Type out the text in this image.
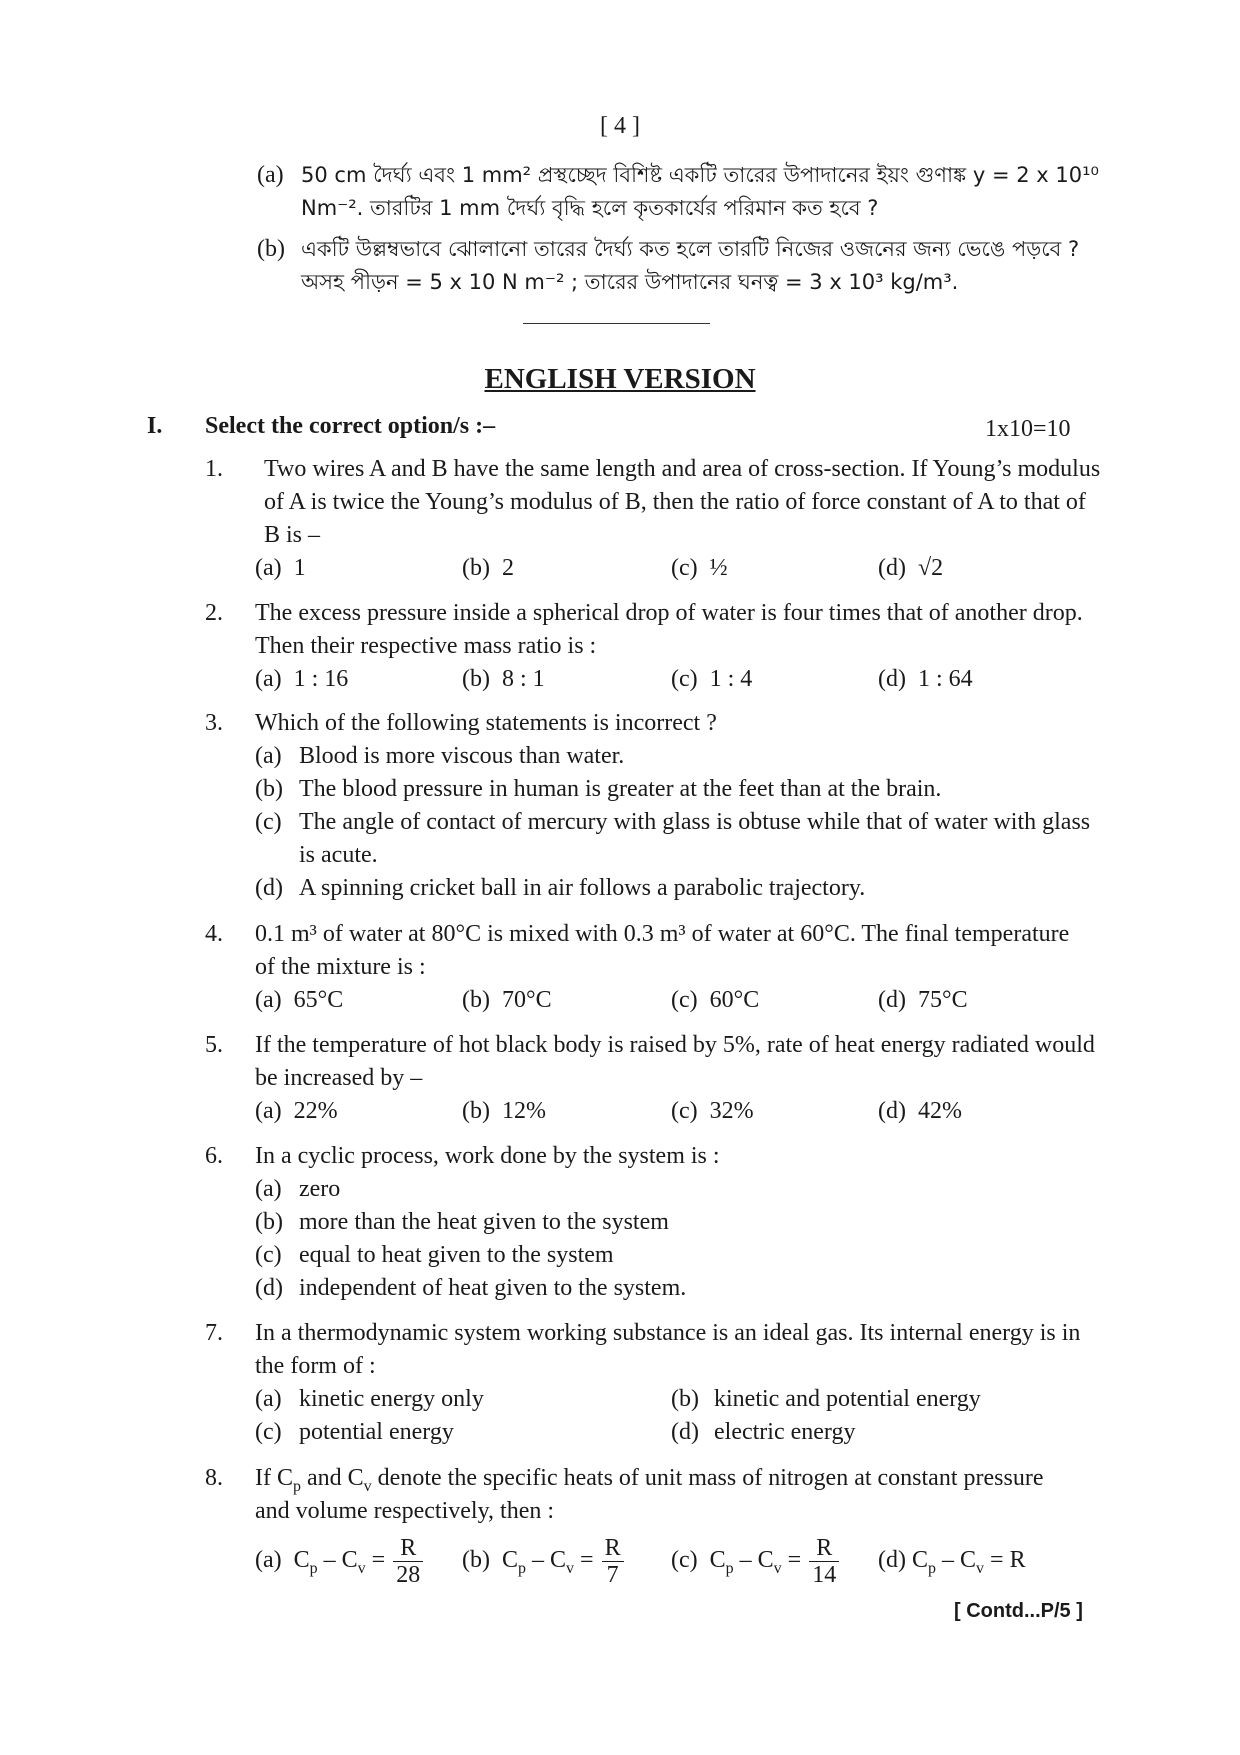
[ 4 ]
(a) 50 cm দৈর্ঘ্য এবং 1 mm² প্রস্থচ্ছেদ বিশিষ্ট একটি তারের উপাদানের ইয়ং গুণাঙ্ক y = 2 x 10¹⁰
Nm⁻². তারটির 1 mm দৈর্ঘ্য বৃদ্ধি হলে কৃতকার্যের পরিমান কত হবে ?
(b) একটি উল্লম্বভাবে ঝোলানো তারের দৈর্ঘ্য কত হলে তারটি নিজের ওজনের জন্য ভেঙে পড়বে ?
অসহ পীড়ন = 5 x 10 N m⁻² ; তারের উপাদানের ঘনত্ব = 3 x 10³ kg/m³.
ENGLISH VERSION
I. Select the correct option/s :–	1x10=10
1. Two wires A and B have the same length and area of cross-section. If Young’s modulus
of A is twice the Young’s modulus of B, then the ratio of force constant of A to that of
B is –
(a) 1	(b) 2	(c) ½	(d) √2
2. The excess pressure inside a spherical drop of water is four times that of another drop.
Then their respective mass ratio is :
(a) 1 : 16	(b) 8 : 1	(c) 1 : 4	(d) 1 : 64
3. Which of the following statements is incorrect ?
(a) Blood is more viscous than water.
(b) The blood pressure in human is greater at the feet than at the brain.
(c) The angle of contact of mercury with glass is obtuse while that of water with glass
is acute.
(d) A spinning cricket ball in air follows a parabolic trajectory.
4. 0.1 m³ of water at 80°C is mixed with 0.3 m³ of water at 60°C. The final temperature
of the mixture is :
(a) 65°C	(b) 70°C	(c) 60°C	(d) 75°C
5. If the temperature of hot black body is raised by 5%, rate of heat energy radiated would
be increased by –
(a) 22%	(b) 12%	(c) 32%	(d) 42%
6. In a cyclic process, work done by the system is :
(a) zero
(b) more than the heat given to the system
(c) equal to heat given to the system
(d) independent of heat given to the system.
7. In a thermodynamic system working substance is an ideal gas. Its internal energy is in
the form of :
(a) kinetic energy only	(b) kinetic and potential energy
(c) potential energy	(d) electric energy
8. If $C_p$ and $C_v$ denote the specific heats of unit mass of nitrogen at constant pressure
and volume respectively, then :
(a) $C_p - C_v = \frac{R}{28} (b)$ $C_p - C_v = \frac{R}{7} (c)$ $C_p - C_v = \frac{R}{14} (d)$ $C_p - C_v = R$
[ Contd...P/5 ]
